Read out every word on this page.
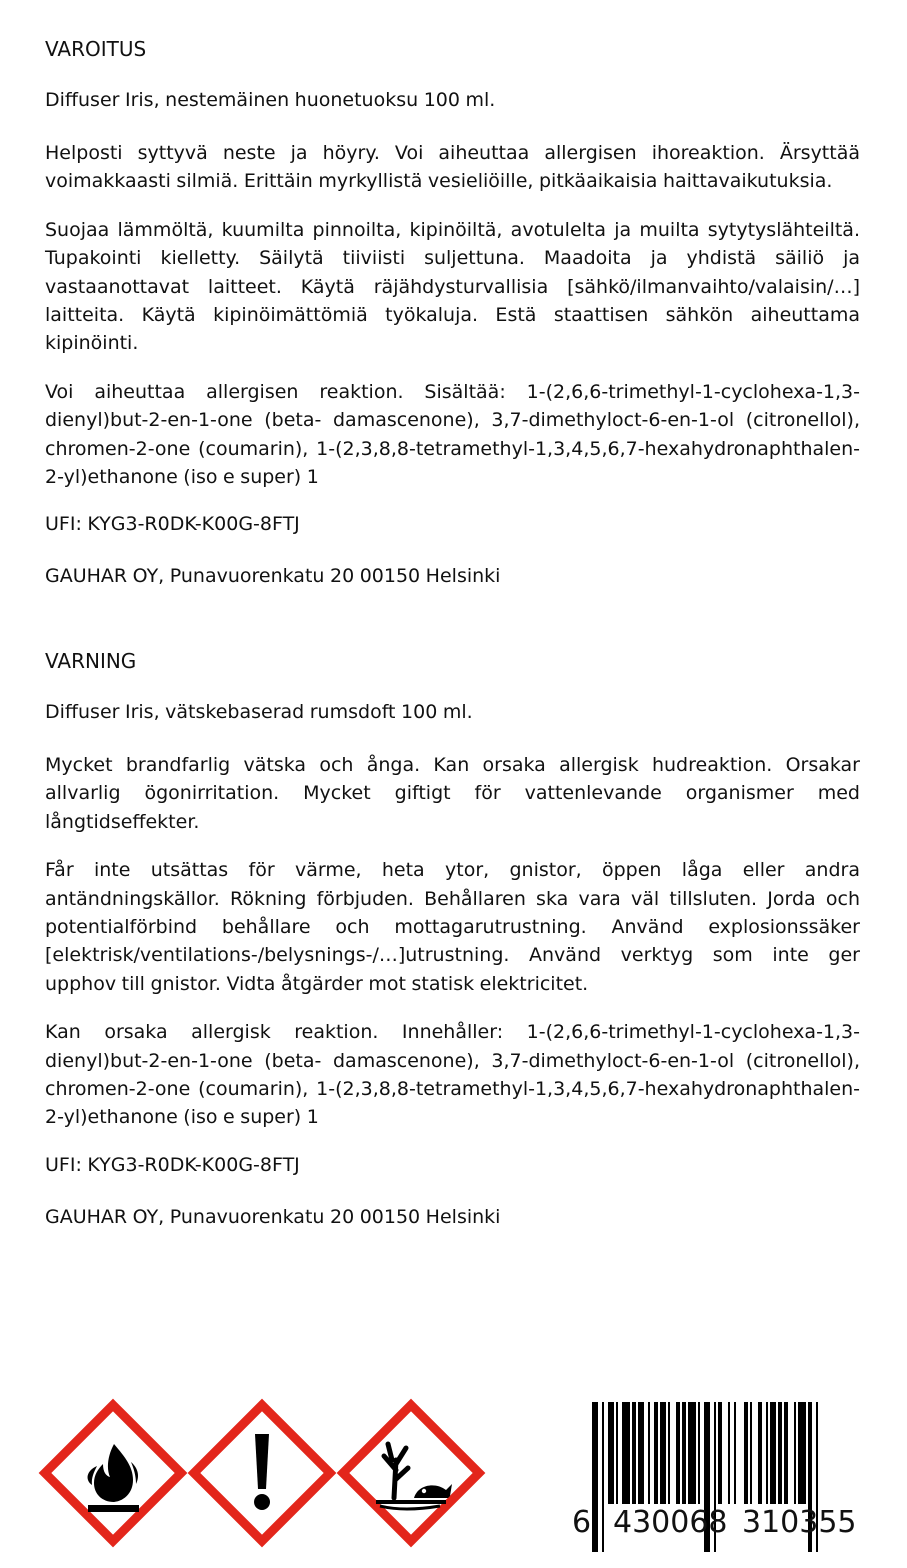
VAROITUS

Diffuser Iris, nestemäinen huonetuoksu 100 ml.

Helposti syttyvä neste ja höyry. Voi aiheuttaa allergisen ihoreaktion. Ärsyttää voimakkaasti silmiä. Erittäin myrkyllistä vesieliöille, pitkäaikaisia haittavaikutuksia.

Suojaa lämmöltä, kuumilta pinnoilta, kipinöiltä, avotulelta ja muilta sytytyslähteiltä. Tupakointi kielletty. Säilytä tiiviisti suljettuna. Maadoita ja yhdistä säiliö ja vastaanottavat laitteet. Käytä räjähdysturvallisia [sähkö/ilmanvaihto/valaisin/…] laitteita. Käytä kipinöimättömiä työkaluja. Estä staattisen sähkön aiheuttama kipinöinti.

Voi aiheuttaa allergisen reaktion. Sisältää: 1-(2,6,6-trimethyl-1-cyclohexa-1,3-dienyl)but-2-en-1-one (beta- damascenone), 3,7-dimethyloct-6-en-1-ol (citronellol), chromen-2-one (coumarin), 1-(2,3,8,8-tetramethyl-1,3,4,5,6,7-hexahydronaphthalen-2-yl)ethanone (iso e super) 1

UFI: KYG3-R0DK-K00G-8FTJ

GAUHAR OY, Punavuorenkatu 20 00150 Helsinki

VARNING

Diffuser Iris, vätskebaserad rumsdoft 100 ml.

Mycket brandfarlig vätska och ånga. Kan orsaka allergisk hudreaktion. Orsakar allvarlig ögonirritation. Mycket giftigt för vattenlevande organismer med långtidseffekter.

Får inte utsättas för värme, heta ytor, gnistor, öppen låga eller andra antändningskällor. Rökning förbjuden. Behållaren ska vara väl tillsluten. Jorda och potentialförbind behållare och mottagarutrustning. Använd explosionssäker [elektrisk/ventilations-/belysnings-/…]utrustning. Använd verktyg som inte ger upphov till gnistor. Vidta åtgärder mot statisk elektricitet.

Kan orsaka allergisk reaktion. Innehåller: 1-(2,6,6-trimethyl-1-cyclohexa-1,3-dienyl)but-2-en-1-one (beta- damascenone), 3,7-dimethyloct-6-en-1-ol (citronellol), chromen-2-one (coumarin), 1-(2,3,8,8-tetramethyl-1,3,4,5,6,7-hexahydronaphthalen-2-yl)ethanone (iso e super) 1

UFI: KYG3-R0DK-K00G-8FTJ

GAUHAR OY, Punavuorenkatu 20 00150 Helsinki

6 430068 310355
